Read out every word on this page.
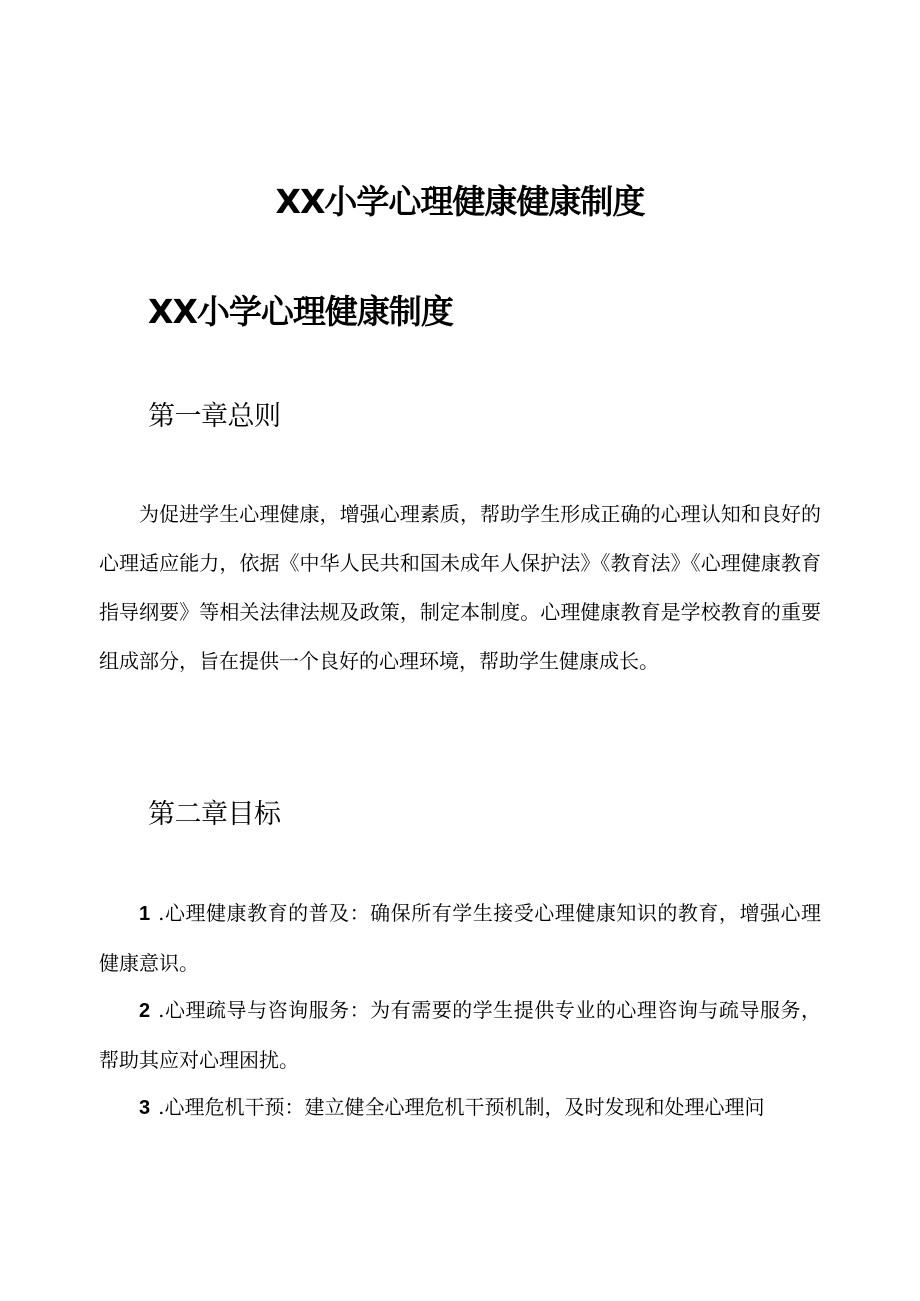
XX小学心理健康健康制度
XX小学心理健康制度
第一章总则

为促进学生心理健康，增强心理素质，帮助学生形成正确的心理认知和良好的心理适应能力，依据《中华人民共和国未成年人保护法》《教育法》《心理健康教育指导纲要》等相关法律法规及政策，制定本制度。心理健康教育是学校教育的重要组成部分，旨在提供一个良好的心理环境，帮助学生健康成长。

第二章目标

1 .心理健康教育的普及：确保所有学生接受心理健康知识的教育，增强心理健康意识。

2 .心理疏导与咨询服务：为有需要的学生提供专业的心理咨询与疏导服务，帮助其应对心理困扰。

3 .心理危机干预：建立健全心理危机干预机制，及时发现和处理心理问
